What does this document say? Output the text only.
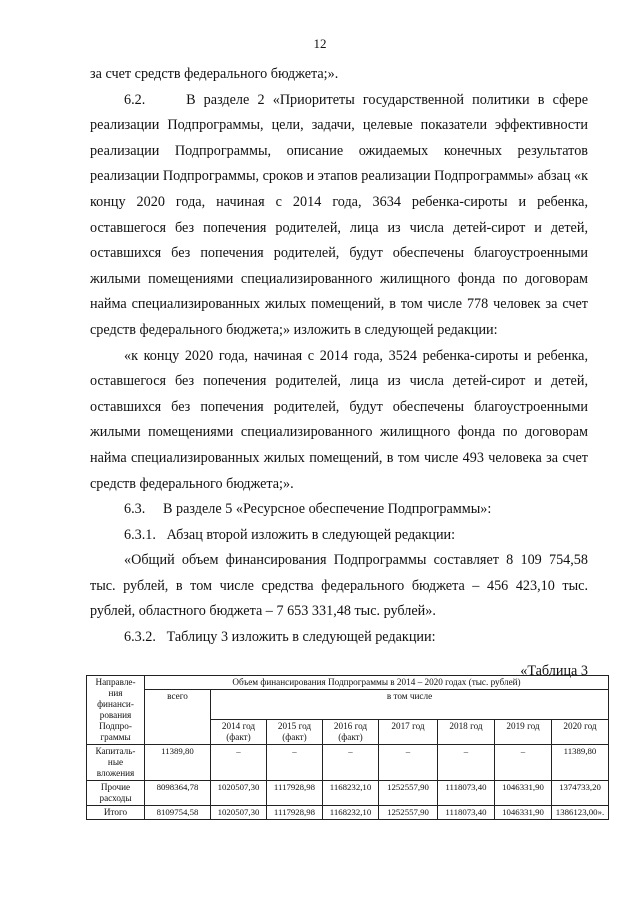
12

за счет средств федерального бюджета;».

6.2.     В разделе 2 «Приоритеты государственной политики в сфере реализации Подпрограммы, цели, задачи, целевые показатели эффективности реализации Подпрограммы, описание ожидаемых конечных результатов реализации Подпрограммы, сроков и этапов реализации Подпрограммы» абзац «к концу 2020 года, начиная с 2014 года, 3634 ребенка-сироты и ребенка, оставшегося без попечения родителей, лица из числа детей-сирот и детей, оставшихся без попечения родителей, будут обеспечены благоустроенными жилыми помещениями специализированного жилищного фонда по договорам найма специализированных жилых помещений, в том числе 778 человек за счет средств федерального бюджета;» изложить в следующей редакции:

«к концу 2020 года, начиная с 2014 года, 3524 ребенка-сироты и ребенка, оставшегося без попечения родителей, лица из числа детей-сирот и детей, оставшихся без попечения родителей, будут обеспечены благоустроенными жилыми помещениями специализированного жилищного фонда по договорам найма специализированных жилых помещений, в том числе 493 человека за счет средств федерального бюджета;».

6.3.     В разделе 5 «Ресурсное обеспечение Подпрограммы»:

6.3.1.   Абзац второй изложить в следующей редакции:

«Общий объем финансирования Подпрограммы составляет 8 109 754,58 тыс. рублей, в том числе средства федерального бюджета – 456 423,10 тыс. рублей, областного бюджета – 7 653 331,48 тыс. рублей».

6.3.2.   Таблицу 3 изложить в следующей редакции:

«Таблица 3

Направле-ния финанси-рования Подпро-граммы	Объем финансирования Подпрограммы в 2014 – 2020 годах (тыс. рублей)							
	всего	в том числе						
		2014 год (факт)	2015 год (факт)	2016 год (факт)	2017 год	2018 год	2019 год	2020 год
Капиталь-ные вложения	11389,80	–	–	–	–	–	–	11389,80
Прочие расходы	8098364,78	1020507,30	1117928,98	1168232,10	1252557,90	1118073,40	1046331,90	1374733,20
Итого	8109754,58	1020507,30	1117928,98	1168232,10	1252557,90	1118073,40	1046331,90	1386123,00».
